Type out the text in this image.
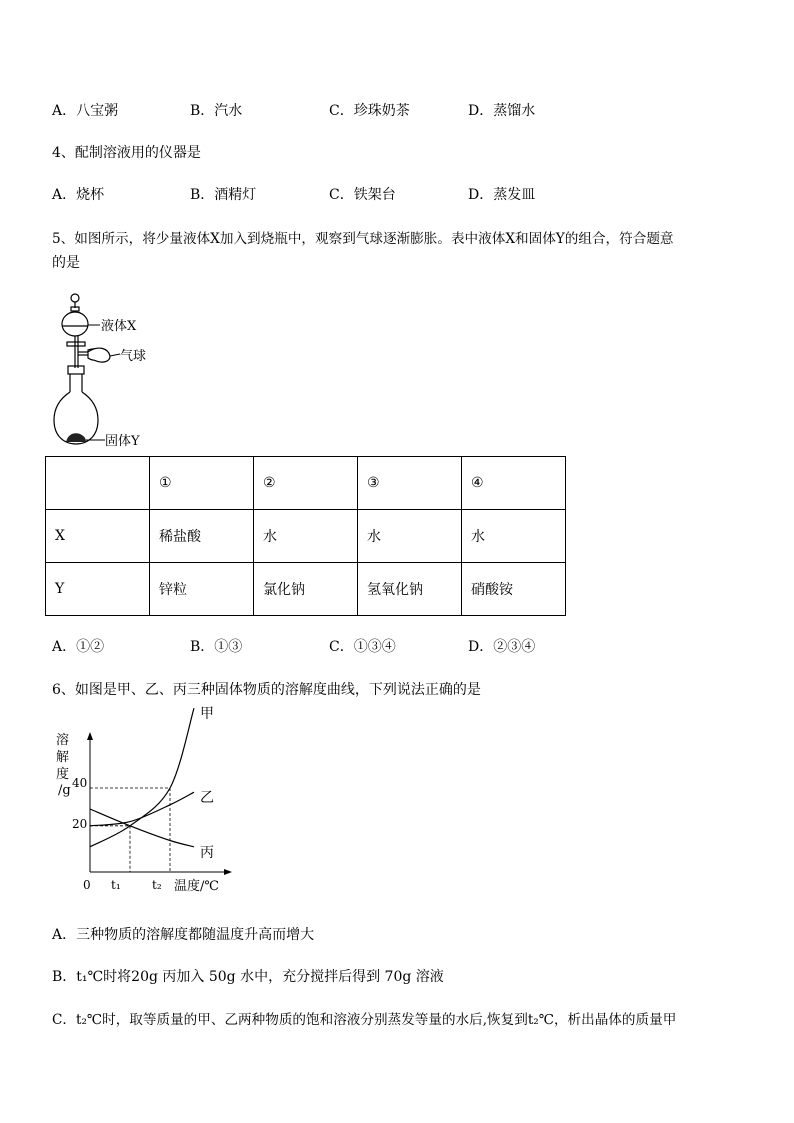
A．八宝粥	B．汽水	C．珍珠奶茶	D．蒸馏水
4、配制溶液用的仪器是
A．烧杯	B．酒精灯	C．铁架台	D．蒸发皿
5、如图所示，将少量液体X加入到烧瓶中，观察到气球逐渐膨胀。表中液体X和固体Y的组合，符合题意
的是
液体X
气球
固体Y
	①	②	③	④
X	稀盐酸	水	水	水
Y	锌粒	氯化钠	氢氧化钠	硝酸铵
A．①②	B．①③	C．①③④	D．②③④
6、如图是甲、乙、丙三种固体物质的溶解度曲线，下列说法正确的是
溶
解
度
/g
0 t₁	t₂ 温度/℃
40
20
甲
乙
丙
A．三种物质的溶解度都随温度升高而增大
B．t₁℃时将20g 丙加入 50g 水中，充分搅拌后得到 70g 溶液
C．t₂℃时，取等质量的甲、乙两种物质的饱和溶液分别蒸发等量的水后,恢复到t₂℃，析出晶体的质量甲
